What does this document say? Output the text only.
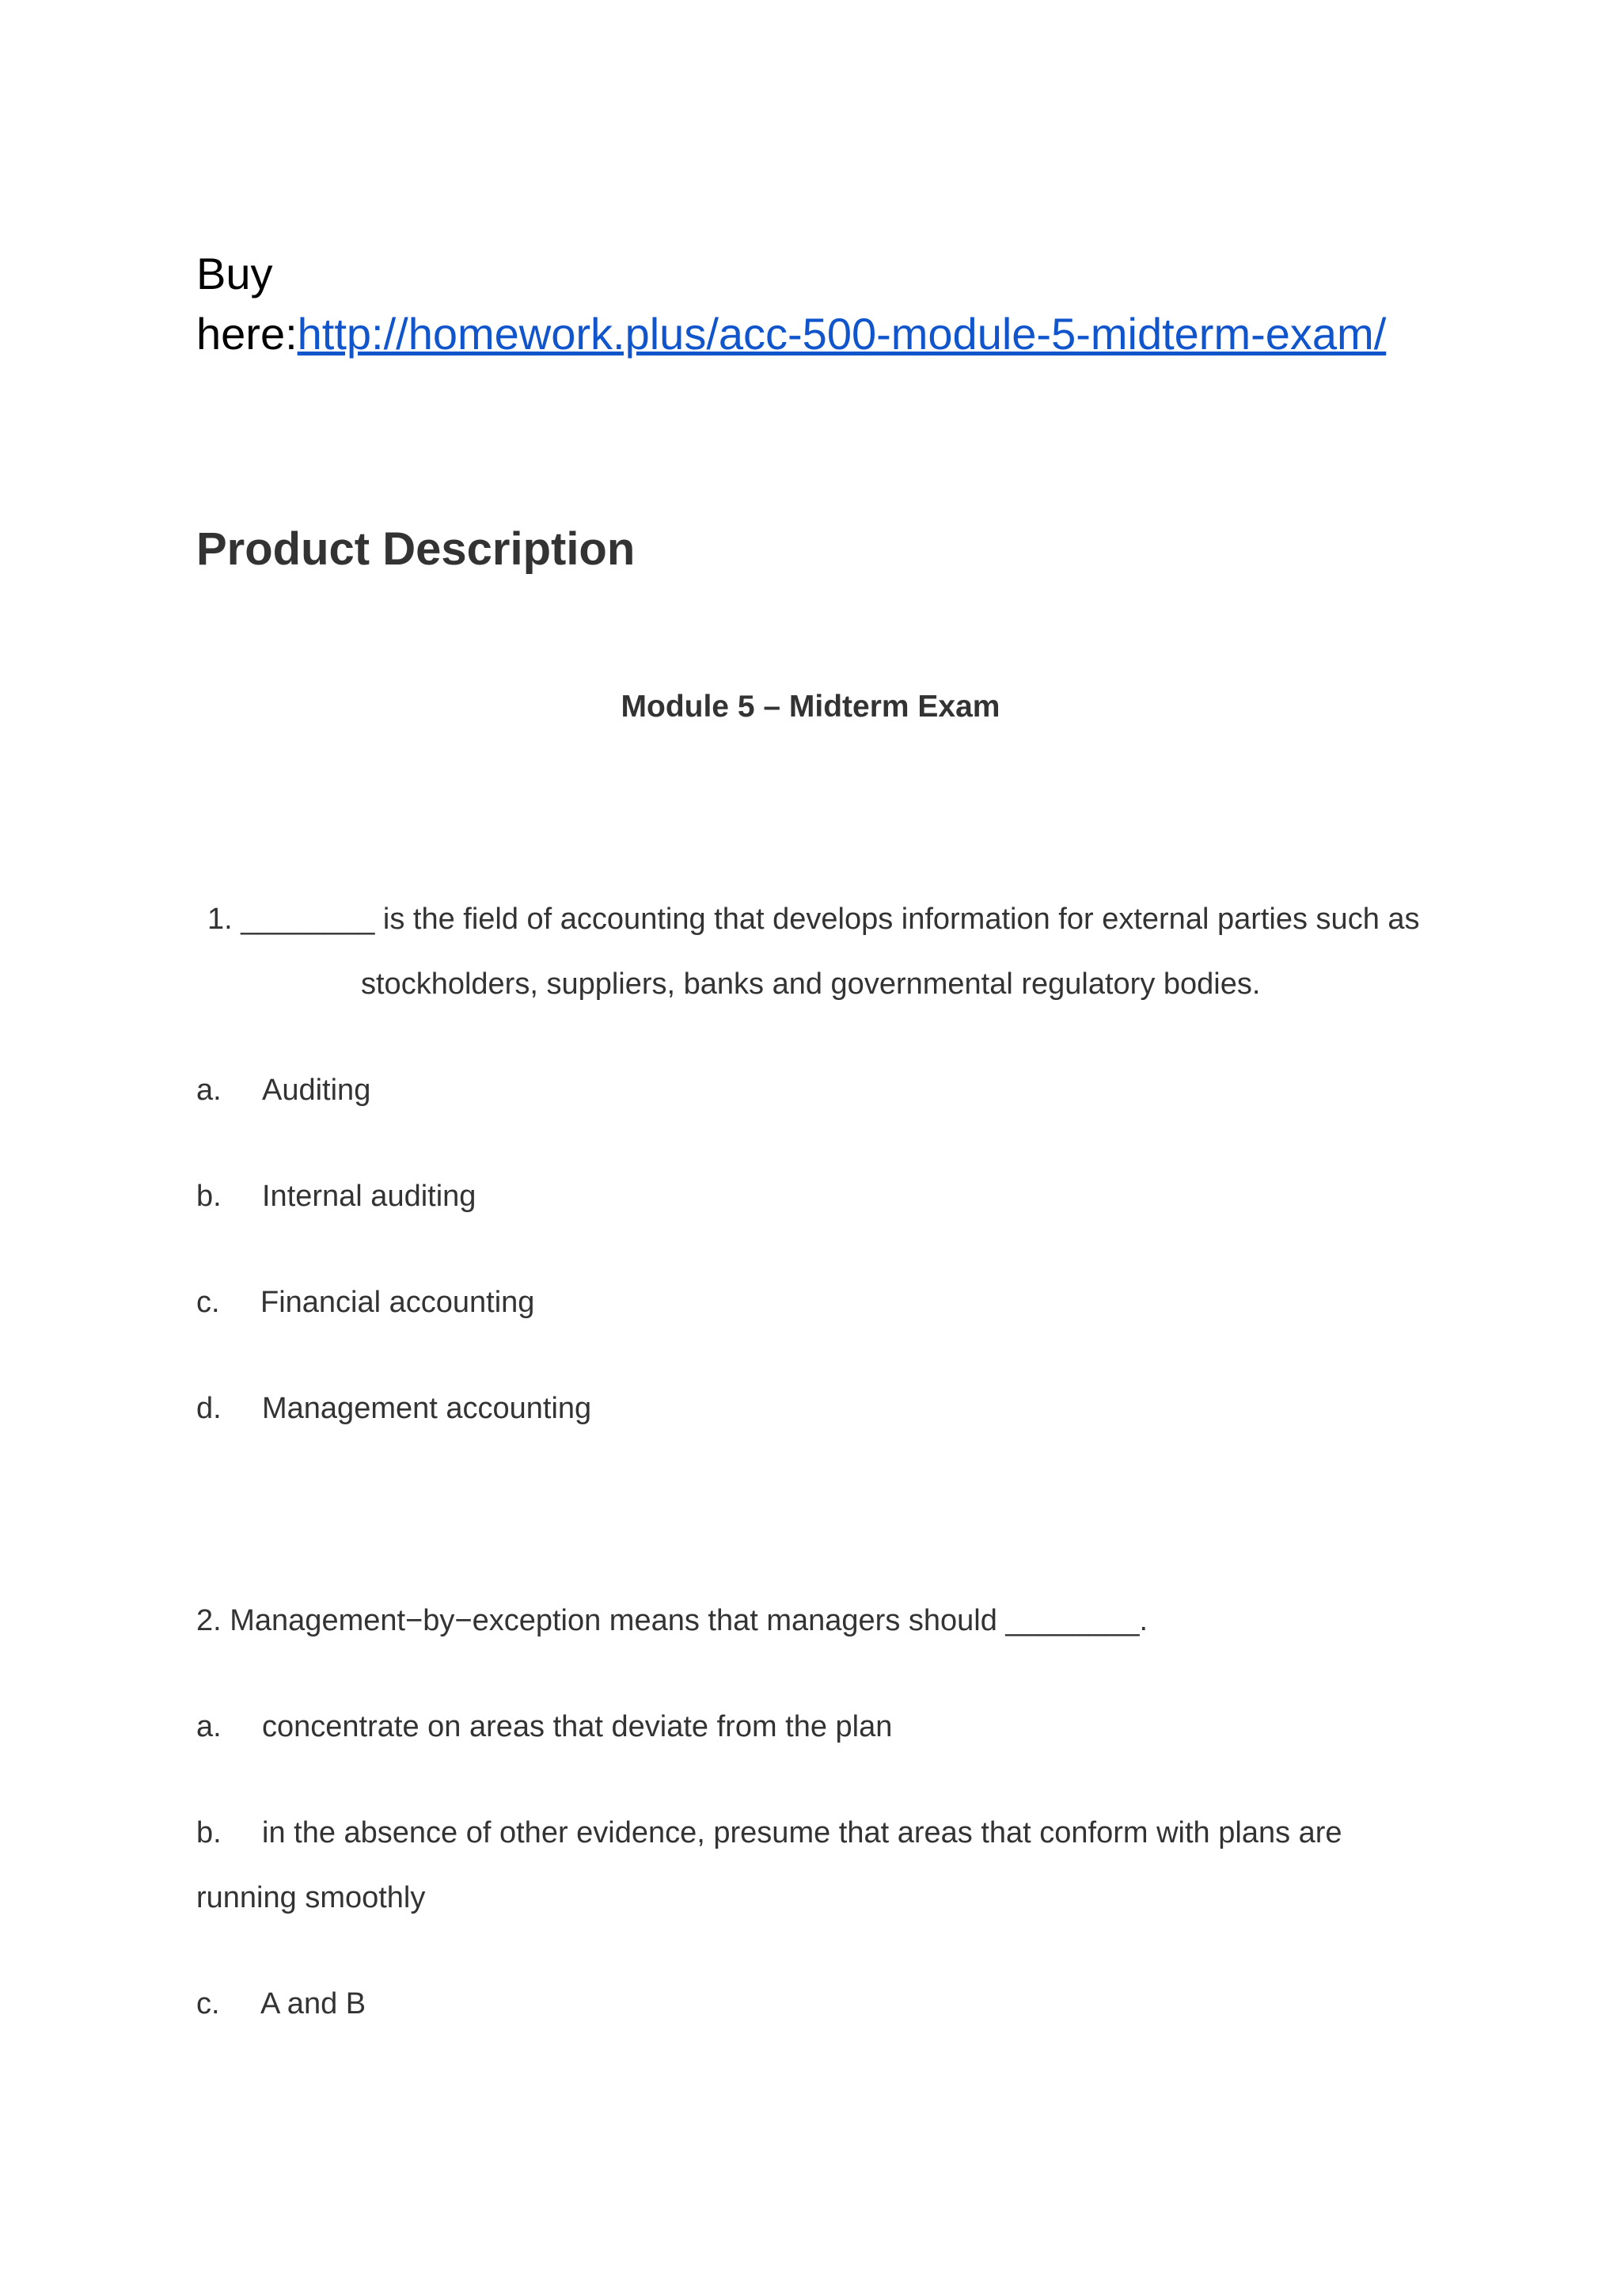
Buy
here:http://homework.plus/acc-500-module-5-midterm-exam/
Product Description
Module 5 – Midterm Exam
1. ________ is the field of accounting that develops information for external parties such as
stockholders, suppliers, banks and governmental regulatory bodies.
a. Auditing
b. Internal auditing
c. Financial accounting
d. Management accounting
2. Management−by−exception means that managers should ________.
a. concentrate on areas that deviate from the plan
b. in the absence of other evidence, presume that areas that conform with plans are
running smoothly
c. A and B
